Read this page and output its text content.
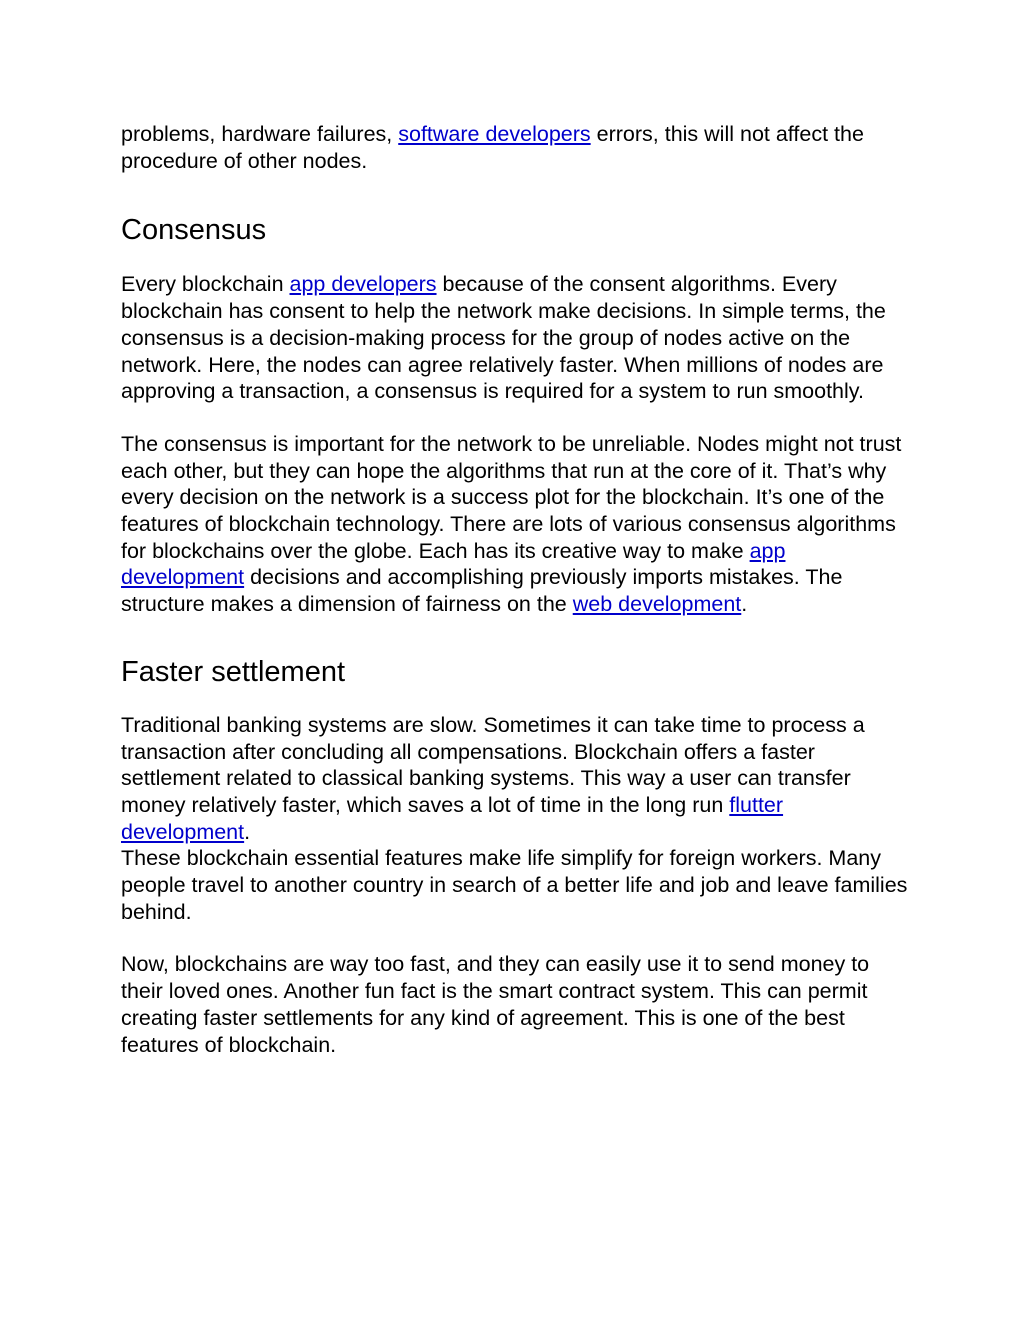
problems, hardware failures, software developers errors, this will not affect the procedure of other nodes.

Consensus

Every blockchain app developers because of the consent algorithms. Every blockchain has consent to help the network make decisions. In simple terms, the consensus is a decision-making process for the group of nodes active on the network. Here, the nodes can agree relatively faster. When millions of nodes are approving a transaction, a consensus is required for a system to run smoothly.

The consensus is important for the network to be unreliable. Nodes might not trust each other, but they can hope the algorithms that run at the core of it. That’s why every decision on the network is a success plot for the blockchain. It’s one of the features of blockchain technology. There are lots of various consensus algorithms for blockchains over the globe. Each has its creative way to make app development decisions and accomplishing previously imports mistakes. The structure makes a dimension of fairness on the web development.

Faster settlement

Traditional banking systems are slow. Sometimes it can take time to process a transaction after concluding all compensations. Blockchain offers a faster settlement related to classical banking systems. This way a user can transfer money relatively faster, which saves a lot of time in the long run flutter development.
These blockchain essential features make life simplify for foreign workers. Many people travel to another country in search of a better life and job and leave families behind.

Now, blockchains are way too fast, and they can easily use it to send money to their loved ones. Another fun fact is the smart contract system. This can permit creating faster settlements for any kind of agreement. This is one of the best features of blockchain.
